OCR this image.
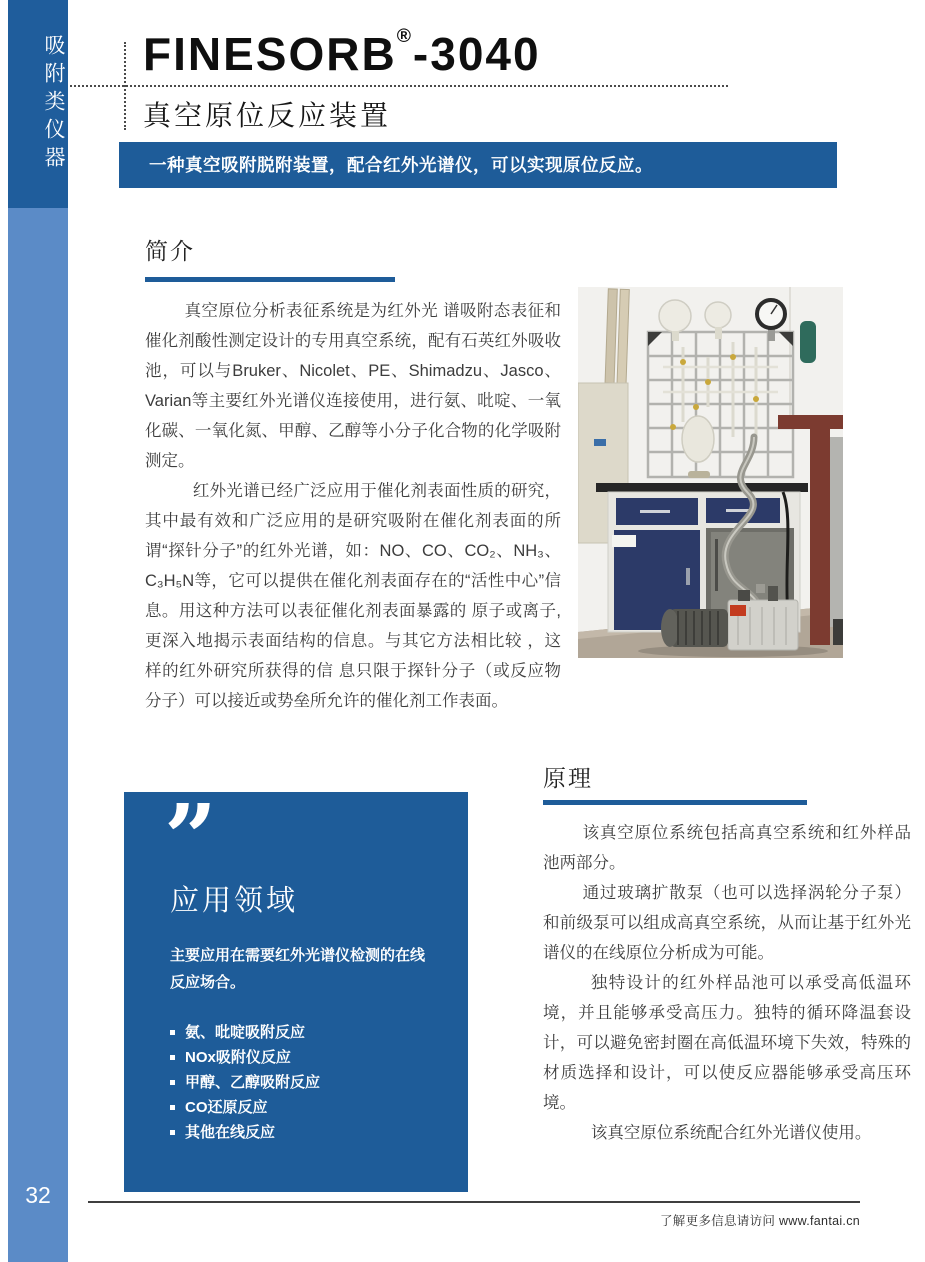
吸附类仪器
32
FINESORB®-3040
真空原位反应装置
一种真空吸附脱附装置，配合红外光谱仪，可以实现原位反应。
简介

真空原位分析表征系统是为红外光 谱吸附态表征和催化剂酸性测定设计的专用真空系统，配有石英红外吸收池，可以与Bruker、Nicolet、PE、Shimadzu、Jasco、Varian等主要红外光谱仪连接使用，进行氨、吡啶、一氧化碳、一氧化氮、甲醇、乙醇等小分子化合物的化学吸附测定。

红外光谱已经广泛应用于催化剂表面性质的研究，其中最有效和广泛应用的是研究吸附在催化剂表面的所谓“探针分子”的红外光谱，如：NO、CO、CO₂、NH₃、C₃H₅N等，它可以提供在催化剂表面存在的“活性中心”信息。用这种方法可以表征催化剂表面暴露的 原子或离子,更深入地揭示表面结构的信息。与其它方法相比较 ，这样的红外研究所获得的信 息只限于探针分子（或反应物分子）可以接近或势垒所允许的催化剂工作表面。

”
应用领域
主要应用在需要红外光谱仪检测的在线反应场合。
氨、吡啶吸附反应
NOx吸附仪反应
甲醇、乙醇吸附反应
CO还原反应
其他在线反应
原理

该真空原位系统包括高真空系统和红外样品池两部分。

通过玻璃扩散泵（也可以选择涡轮分子泵）和前级泵可以组成高真空系统，从而让基于红外光谱仪的在线原位分析成为可能。

独特设计的红外样品池可以承受高低温环境，并且能够承受高压力。独特的循环降温套设计，可以避免密封圈在高低温环境下失效，特殊的材质选择和设计，可以使反应器能够承受高压环境。

该真空原位系统配合红外光谱仪使用。

了解更多信息请访问 www.fantai.cn
